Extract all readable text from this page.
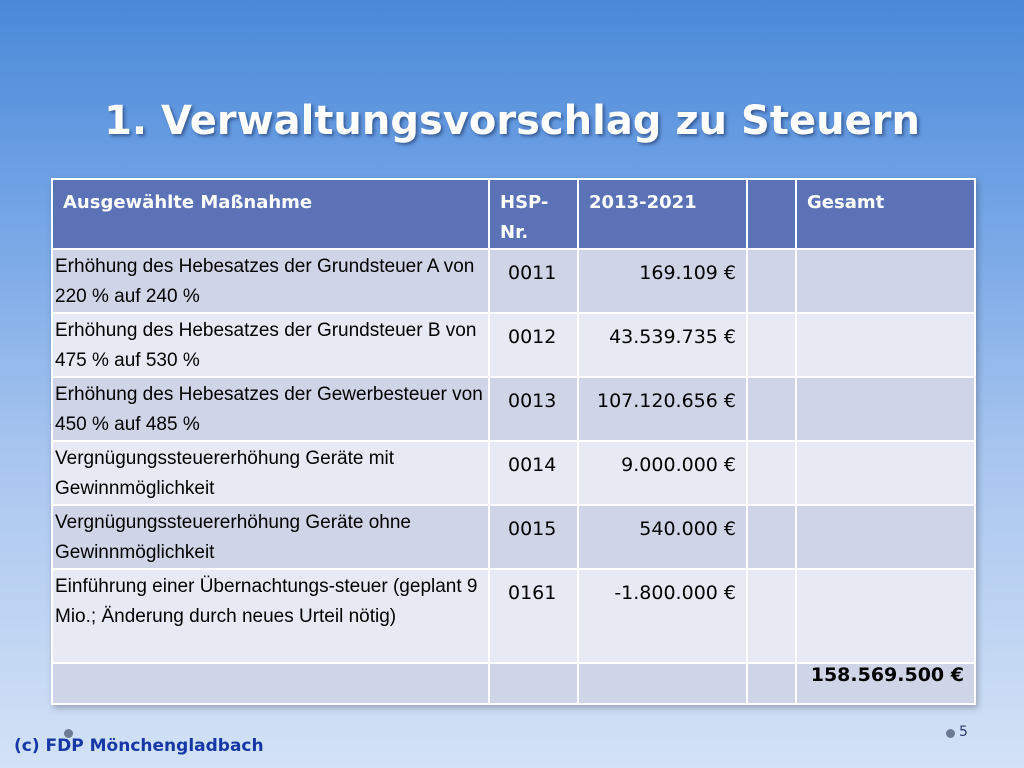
1. Verwaltungsvorschlag zu Steuern
Ausgewählte Maßnahme	HSP-Nr.	2013-2021		Gesamt
Erhöhung des Hebesatzes der Grundsteuer A von 220 % auf 240 %	0011	169.109 €		
Erhöhung des Hebesatzes der Grundsteuer B von 475 % auf 530 %	0012	43.539.735 €		
Erhöhung des Hebesatzes der Gewerbesteuer von 450 % auf 485 %	0013	107.120.656 €		
Vergnügungssteuererhöhung Geräte mit Gewinnmöglichkeit	0014	9.000.000 €		
Vergnügungssteuererhöhung Geräte ohne Gewinnmöglichkeit	0015	540.000 €		
Einführung einer Übernachtungs-steuer (geplant 9 Mio.; Änderung durch neues Urteil nötig)	0161	-1.800.000 €		
				158.569.500 €
(c) FDP Mönchengladbach
5
